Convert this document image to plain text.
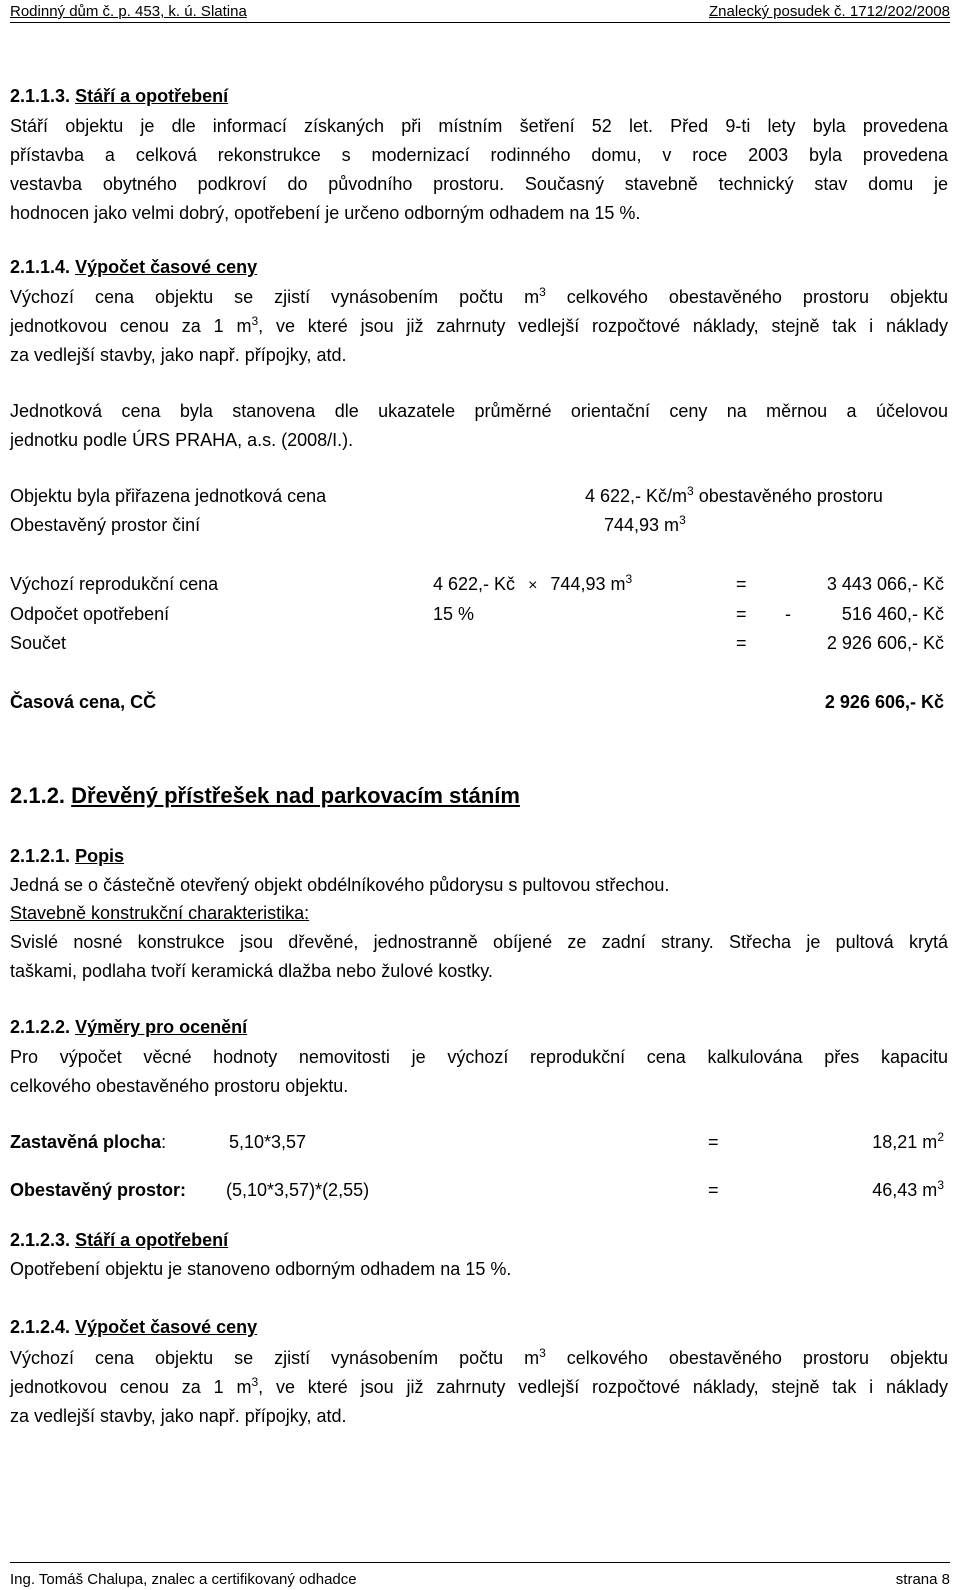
Rodinný dům č. p. 453, k. ú. Slatina	Znalecký posudek č. 1712/202/2008
2.1.1.3. Stáří a opotřebení
Stáří objektu je dle informací získaných při místním šetření 52 let. Před 9-ti lety byla provedena
přístavba a celková rekonstrukce s modernizací rodinného domu, v roce 2003 byla provedena
vestavba obytného podkroví do původního prostoru. Současný stavebně technický stav domu je
hodnocen jako velmi dobrý, opotřebení je určeno odborným odhadem na 15 %.
2.1.1.4. Výpočet časové ceny
Výchozí cena objektu se zjistí vynásobením počtu $m^3$ celkového obestavěného prostoru objektu
jednotkovou cenou za 1 $m^3$, ve které jsou již zahrnuty vedlejší rozpočtové náklady, stejně tak i náklady
za vedlejší stavby, jako např. přípojky, atd.
Jednotková cena byla stanovena dle ukazatele průměrné orientační ceny na měrnou a účelovou
jednotku podle ÚRS PRAHA, a.s. (2008/I.).
Objektu byla přiřazena jednotková cena	4 622,- $Kč/m^3$ obestavěného prostoru
Obestavěný prostor činí	744,93 $m^3$
Výchozí reprodukční cena	4 622,- Kč × 744,93 $m^3$	=	3 443 066,- Kč
Odpočet opotřebení	15 %	= -	516 460,- Kč
Součet	=	2 926 606,- Kč
Časová cena, CČ	2 926 606,- Kč
2.1.2. Dřevěný přístřešek nad parkovacím stáním
2.1.2.1. Popis
Jedná se o částečně otevřený objekt obdélníkového půdorysu s pultovou střechou.
Stavebně konstrukční charakteristika:
Svislé nosné konstrukce jsou dřevěné, jednostranně obíjené ze zadní strany. Střecha je pultová krytá
taškami, podlaha tvoří keramická dlažba nebo žulové kostky.
2.1.2.2. Výměry pro ocenění
Pro výpočet věcné hodnoty nemovitosti je výchozí reprodukční cena kalkulována přes kapacitu
celkového obestavěného prostoru objektu.
Zastavěná plocha:	5,10*3,57	=	18,21 $m^2$
Obestavěný prostor: (5,10*3,57)*(2,55)	=	46,43 $m^3$
2.1.2.3. Stáří a opotřebení
Opotřebení objektu je stanoveno odborným odhadem na 15 %.
2.1.2.4. Výpočet časové ceny
Výchozí cena objektu se zjistí vynásobením počtu $m^3$ celkového obestavěného prostoru objektu
jednotkovou cenou za 1 $m^3$, ve které jsou již zahrnuty vedlejší rozpočtové náklady, stejně tak i náklady
za vedlejší stavby, jako např. přípojky, atd.
Ing. Tomáš Chalupa, znalec a certifikovaný odhadce	strana 8
